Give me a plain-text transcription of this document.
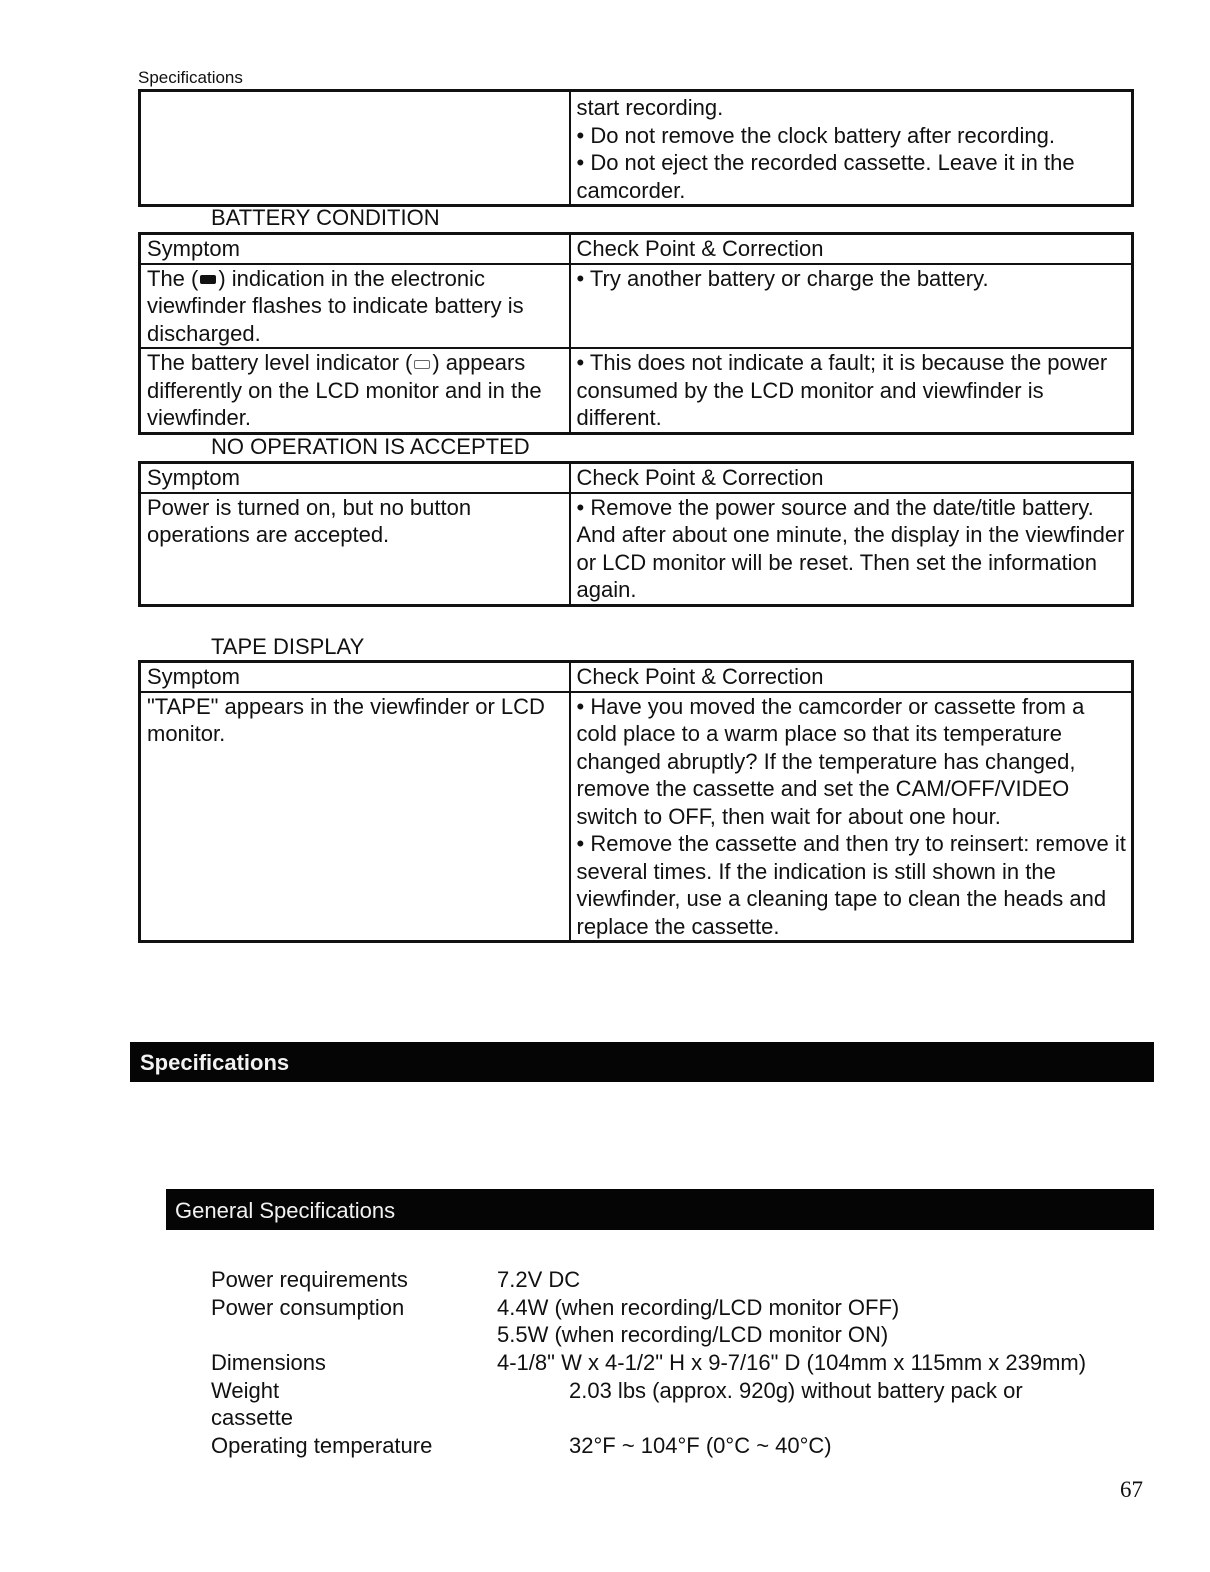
Specifications

start recording.
• Do not remove the clock battery after recording.
• Do not eject the recorded cassette. Leave it in the
camcorder.
BATTERY CONDITION
Symptom	Check Point & Correction
The ( ) indication in the electronic viewfinder flashes to indicate battery is discharged.	• Try another battery or charge the battery.
The battery level indicator ( ) appears differently on the LCD monitor and in the viewfinder.	• This does not indicate a fault; it is because the power consumed by the LCD monitor and viewfinder is different.
NO OPERATION IS ACCEPTED
Symptom	Check Point & Correction
Power is turned on, but no button operations are accepted.	• Remove the power source and the date/title battery. And after about one minute, the display in the viewfinder or LCD monitor will be reset. Then set the information again.
TAPE DISPLAY
Symptom	Check Point & Correction
"TAPE" appears in the viewfinder or LCD monitor.	• Have you moved the camcorder or cassette from a cold place to a warm place so that its temperature changed abruptly? If the temperature has changed, remove the cassette and set the CAM/OFF/VIDEO switch to OFF, then wait for about one hour.
• Remove the cassette and then try to reinsert: remove it several times. If the indication is still shown in the viewfinder, use a cleaning tape to clean the heads and replace the cassette.
Specifications
General Specifications
Power requirements	7.2V DC
Power consumption	4.4W (when recording/LCD monitor OFF)
5.5W (when recording/LCD monitor ON)
Dimensions	4-1/8" W x 4-1/2" H x 9-7/16" D (104mm x 115mm x 239mm)
Weight	2.03 lbs (approx. 920g) without battery pack or
cassette
Operating temperature	32°F ~ 104°F (0°C ~ 40°C)
67
